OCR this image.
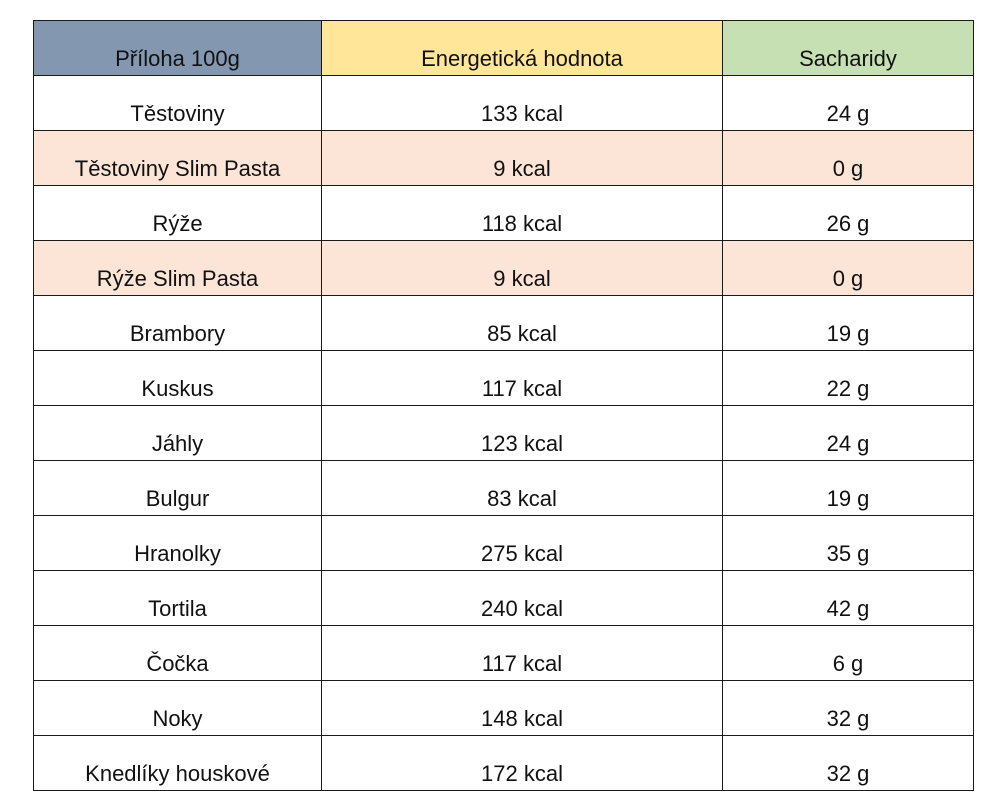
Příloha 100g	Energetická hodnota	Sacharidy
Těstoviny	133 kcal	24 g
Těstoviny Slim Pasta	9 kcal	0 g
Rýže	118 kcal	26 g
Rýže Slim Pasta	9 kcal	0 g
Brambory	85 kcal	19 g
Kuskus	117 kcal	22 g
Jáhly	123 kcal	24 g
Bulgur	83 kcal	19 g
Hranolky	275 kcal	35 g
Tortila	240 kcal	42 g
Čočka	117 kcal	6 g
Noky	148 kcal	32 g
Knedlíky houskové	172 kcal	32 g
